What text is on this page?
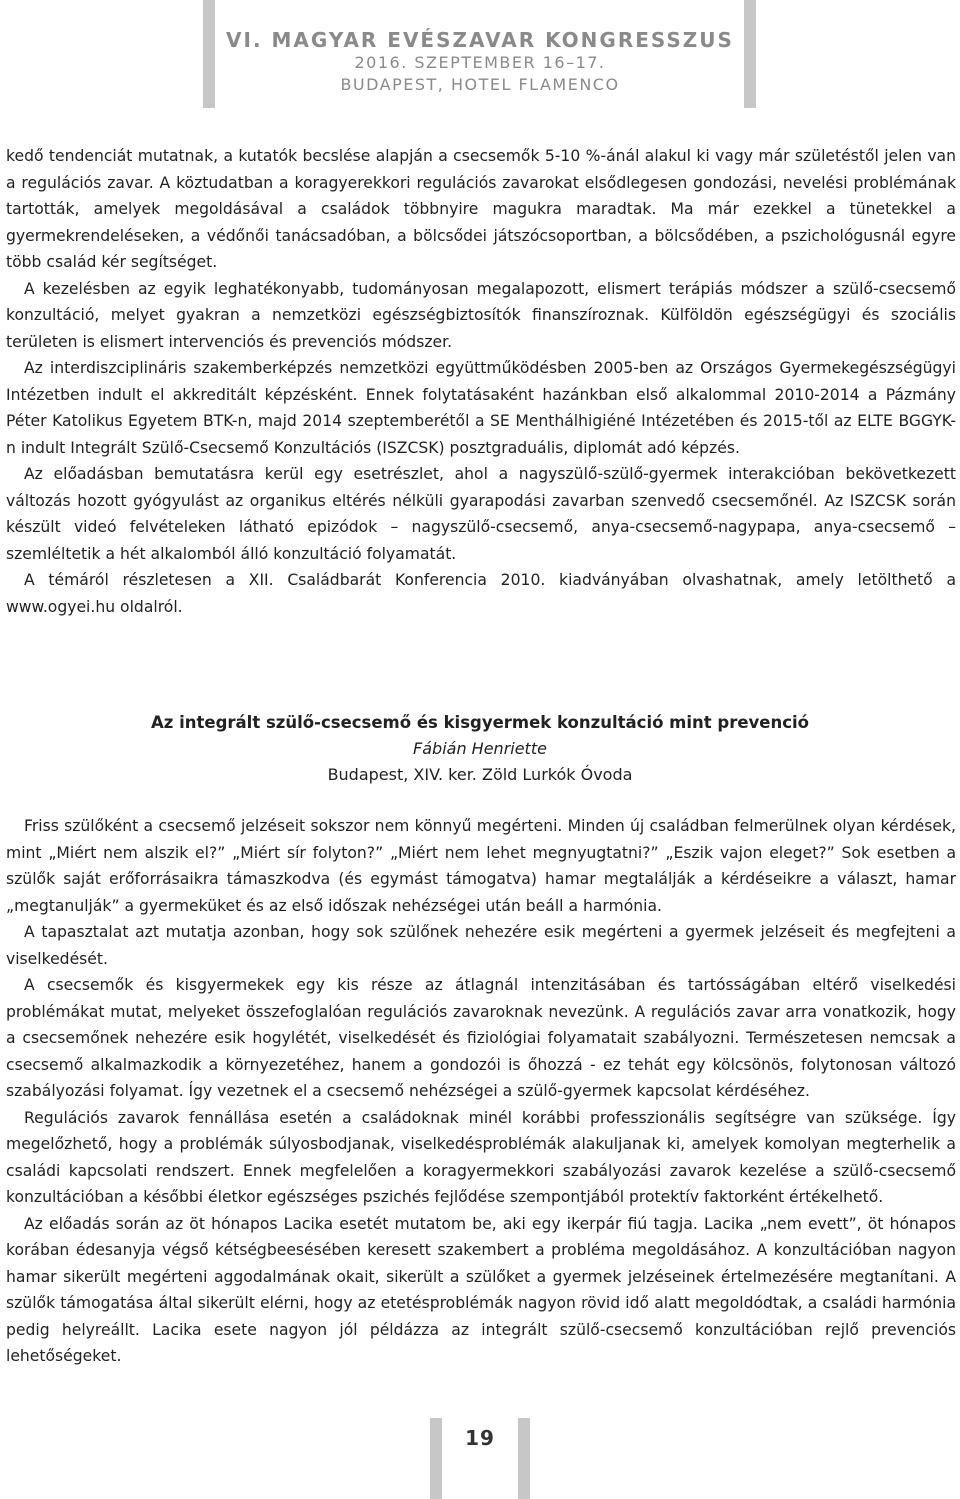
VI. MAGYAR EVÉSZAVAR KONGRESSZUS
2016. SZEPTEMBER 16–17.
BUDAPEST, HOTEL FLAMENCO

kedő tendenciát mutatnak, a kutatók becslése alapján a csecsemők 5-10 %-ánál alakul ki vagy már születéstől jelen van a regulációs zavar. A köztudatban a koragyerekkori regulációs zavarokat elsődlegesen gondozási, nevelési problémának tartották, amelyek megoldásával a családok többnyire magukra maradtak. Ma már ezekkel a tünetekkel a gyermekrendeléseken, a védőnői tanácsadóban, a bölcsődei játszócsoportban, a bölcsődében, a pszichológusnál egyre több család kér segítséget.

A kezelésben az egyik leghatékonyabb, tudományosan megalapozott, elismert terápiás módszer a szülő-csecsemő konzultáció, melyet gyakran a nemzetközi egészségbiztosítók finanszíroznak. Külföldön egészségügyi és szociális területen is elismert intervenciós és prevenciós módszer.

Az interdiszciplináris szakemberképzés nemzetközi együttműködésben 2005-ben az Országos Gyermekegészségügyi Intézetben indult el akkreditált képzésként. Ennek folytatásaként hazánkban első alkalommal 2010-2014 a Pázmány Péter Katolikus Egyetem BTK-n, majd 2014 szeptemberétől a SE Menthálhigiéné Intézetében és 2015-től az ELTE BGGYK-n indult Integrált Szülő-Csecsemő Konzultációs (ISZCSK) posztgraduális, diplomát adó képzés.

Az előadásban bemutatásra kerül egy esetrészlet, ahol a nagyszülő-szülő-gyermek interakcióban bekövetkezett változás hozott gyógyulást az organikus eltérés nélküli gyarapodási zavarban szenvedő csecsemőnél. Az ISZCSK során készült videó felvételeken látható epizódok – nagyszülő-csecsemő, anya-csecsemő-nagypapa, anya-csecsemő – szemléltetik a hét alkalomból álló konzultáció folyamatát.

A témáról részletesen a XII. Családbarát Konferencia 2010. kiadványában olvashatnak, amely letölthető a www.ogyei.hu oldalról.

Az integrált szülő-csecsemő és kisgyermek konzultáció mint prevenció
Fábián Henriette
Budapest, XIV. ker. Zöld Lurkók Óvoda

Friss szülőként a csecsemő jelzéseit sokszor nem könnyű megérteni. Minden új családban felmerülnek olyan kérdések, mint „Miért nem alszik el?” „Miért sír folyton?” „Miért nem lehet megnyugtatni?” „Eszik vajon eleget?” Sok esetben a szülők saját erőforrásaikra támaszkodva (és egymást támogatva) hamar megtalálják a kérdéseikre a választ, hamar „megtanulják” a gyermeküket és az első időszak nehézségei után beáll a harmónia.

A tapasztalat azt mutatja azonban, hogy sok szülőnek nehezére esik megérteni a gyermek jelzéseit és megfejteni a viselkedését.

A csecsemők és kisgyermekek egy kis része az átlagnál intenzitásában és tartósságában eltérő viselkedési problémákat mutat, melyeket összefoglalóan regulációs zavaroknak nevezünk. A regulációs zavar arra vonatkozik, hogy a csecsemőnek nehezére esik hogylétét, viselkedését és fiziológiai folyamatait szabályozni. Természetesen nemcsak a csecsemő alkalmazkodik a környezetéhez, hanem a gondozói is őhozzá - ez tehát egy kölcsönös, folytonosan változó szabályozási folyamat. Így vezetnek el a csecsemő nehézségei a szülő-gyermek kapcsolat kérdéséhez.

Regulációs zavarok fennállása esetén a családoknak minél korábbi professzionális segítségre van szüksége. Így megelőzhető, hogy a problémák súlyosbodjanak, viselkedésproblémák alakuljanak ki, amelyek komolyan megterhelik a családi kapcsolati rendszert. Ennek megfelelően a koragyermekkori szabályozási zavarok kezelése a szülő-csecsemő konzultációban a későbbi életkor egészséges pszichés fejlődése szempontjából protektív faktorként értékelhető.

Az előadás során az öt hónapos Lacika esetét mutatom be, aki egy ikerpár fiú tagja. Lacika „nem evett”, öt hónapos korában édesanyja végső kétségbeesésében keresett szakembert a probléma megoldásához. A konzultációban nagyon hamar sikerült megérteni aggodalmának okait, sikerült a szülőket a gyermek jelzéseinek értelmezésére megtanítani. A szülők támogatása által sikerült elérni, hogy az etetésproblémák nagyon rövid idő alatt megoldódtak, a családi harmónia pedig helyreállt. Lacika esete nagyon jól példázza az integrált szülő-csecsemő konzultációban rejlő prevenciós lehetőségeket.

19
